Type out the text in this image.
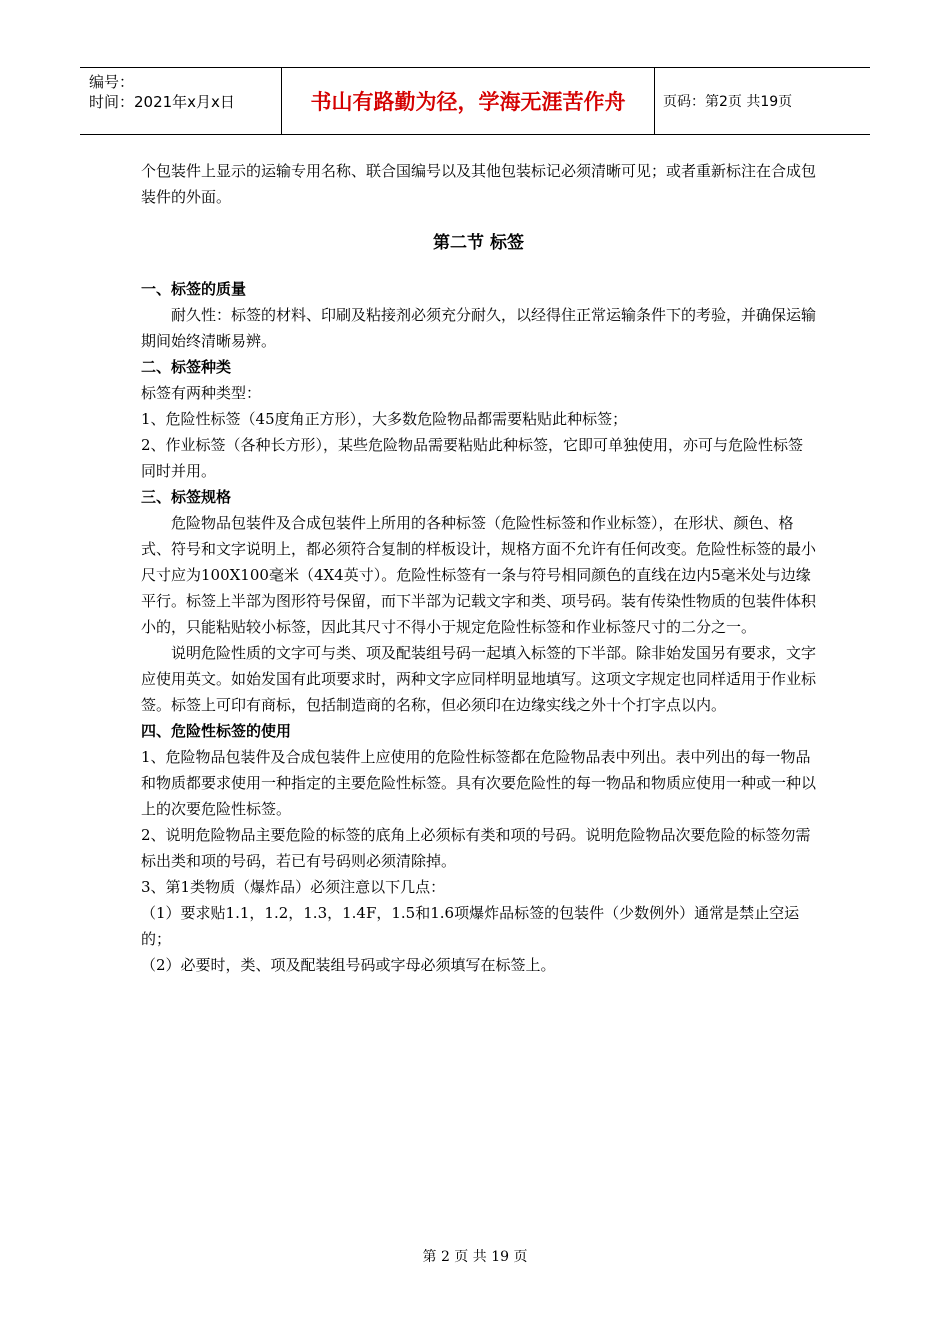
编号：
时间：2021年x月x日	书山有路勤为径，学海无涯苦作舟	页码：第2页 共19页

个包装件上显示的运输专用名称、联合国编号以及其他包装标记必须清晰可见；或者重新标注在合成包装件的外面。

第二节 标签

一、标签的质量

耐久性：标签的材料、印刷及粘接剂必须充分耐久，以经得住正常运输条件下的考验，并确保运输期间始终清晰易辨。

二、标签种类

标签有两种类型：

1、危险性标签（45度角正方形），大多数危险物品都需要粘贴此种标签；

2、作业标签（各种长方形），某些危险物品需要粘贴此种标签，它即可单独使用，亦可与危险性标签同时并用。

三、标签规格

危险物品包装件及合成包装件上所用的各种标签（危险性标签和作业标签），在形状、颜色、格式、符号和文字说明上，都必须符合复制的样板设计，规格方面不允许有任何改变。危险性标签的最小尺寸应为100X100毫米（4X4英寸）。危险性标签有一条与符号相同颜色的直线在边内5毫米处与边缘平行。标签上半部为图形符号保留，而下半部为记载文字和类、项号码。装有传染性物质的包装件体积小的，只能粘贴较小标签，因此其尺寸不得小于规定危险性标签和作业标签尺寸的二分之一。

说明危险性质的文字可与类、项及配装组号码一起填入标签的下半部。除非始发国另有要求，文字应使用英文。如始发国有此项要求时，两种文字应同样明显地填写。这项文字规定也同样适用于作业标签。标签上可印有商标，包括制造商的名称，但必须印在边缘实线之外十个打字点以内。

四、危险性标签的使用

1、危险物品包装件及合成包装件上应使用的危险性标签都在危险物品表中列出。表中列出的每一物品和物质都要求使用一种指定的主要危险性标签。具有次要危险性的每一物品和物质应使用一种或一种以上的次要危险性标签。

2、说明危险物品主要危险的标签的底角上必须标有类和项的号码。说明危险物品次要危险的标签勿需标出类和项的号码，若已有号码则必须清除掉。

3、第1类物质（爆炸品）必须注意以下几点：

（1）要求贴1.1，1.2，1.3，1.4F，1.5和1.6项爆炸品标签的包装件（少数例外）通常是禁止空运的；

（2）必要时，类、项及配装组号码或字母必须填写在标签上。

第 2 页 共 19 页
